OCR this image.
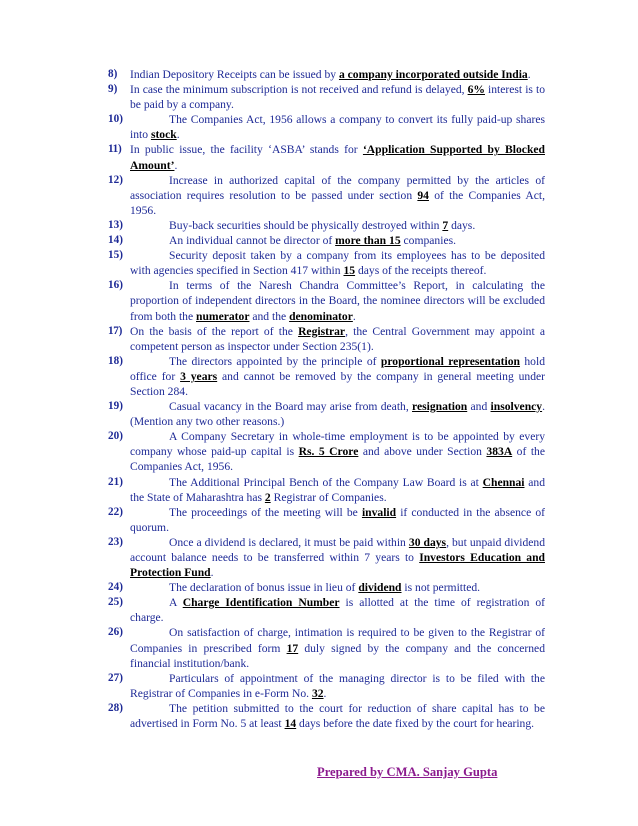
8) Indian Depository Receipts can be issued by a company incorporated outside India.

9) In case the minimum subscription is not received and refund is delayed, 6% interest is to be paid by a company.

10)	The Companies Act, 1956 allows a company to convert its fully paid-up shares into stock.

11) In public issue, the facility ‘ASBA’ stands for ‘Application Supported by Blocked Amount’.

12)	Increase in authorized capital of the company permitted by the articles of association requires resolution to be passed under section 94 of the Companies Act, 1956.

13)	Buy-back securities should be physically destroyed within 7 days.

14)	An individual cannot be director of more than 15 companies.

15)	Security deposit taken by a company from its employees has to be deposited with agencies specified in Section 417 within 15 days of the receipts thereof.

16)	In terms of the Naresh Chandra Committee’s Report, in calculating the proportion of independent directors in the Board, the nominee directors will be excluded from both the numerator and the denominator.

17) On the basis of the report of the Registrar, the Central Government may appoint a competent person as inspector under Section 235(1).

18)	The directors appointed by the principle of proportional representation hold office for 3 years and cannot be removed by the company in general meeting under Section 284.

19)	Casual vacancy in the Board may arise from death, resignation and insolvency. (Mention any two other reasons.)

20)	A Company Secretary in whole-time employment is to be appointed by every company whose paid-up capital is Rs. 5 Crore and above under Section 383A of the Companies Act, 1956.

21)	The Additional Principal Bench of the Company Law Board is at Chennai and the State of Maharashtra has 2 Registrar of Companies.

22)	The proceedings of the meeting will be invalid if conducted in the absence of quorum.

23)	Once a dividend is declared, it must be paid within 30 days, but unpaid dividend account balance needs to be transferred within 7 years to Investors Education and Protection Fund.

24)	The declaration of bonus issue in lieu of dividend is not permitted.

25)	A Charge Identification Number is allotted at the time of registration of charge.

26)	On satisfaction of charge, intimation is required to be given to the Registrar of Companies in prescribed form 17 duly signed by the company and the concerned financial institution/bank.

27)	Particulars of appointment of the managing director is to be filed with the Registrar of Companies in e-Form No. 32.

28)	The petition submitted to the court for reduction of share capital has to be advertised in Form No. 5 at least 14 days before the date fixed by the court for hearing.

Prepared by CMA. Sanjay Gupta
